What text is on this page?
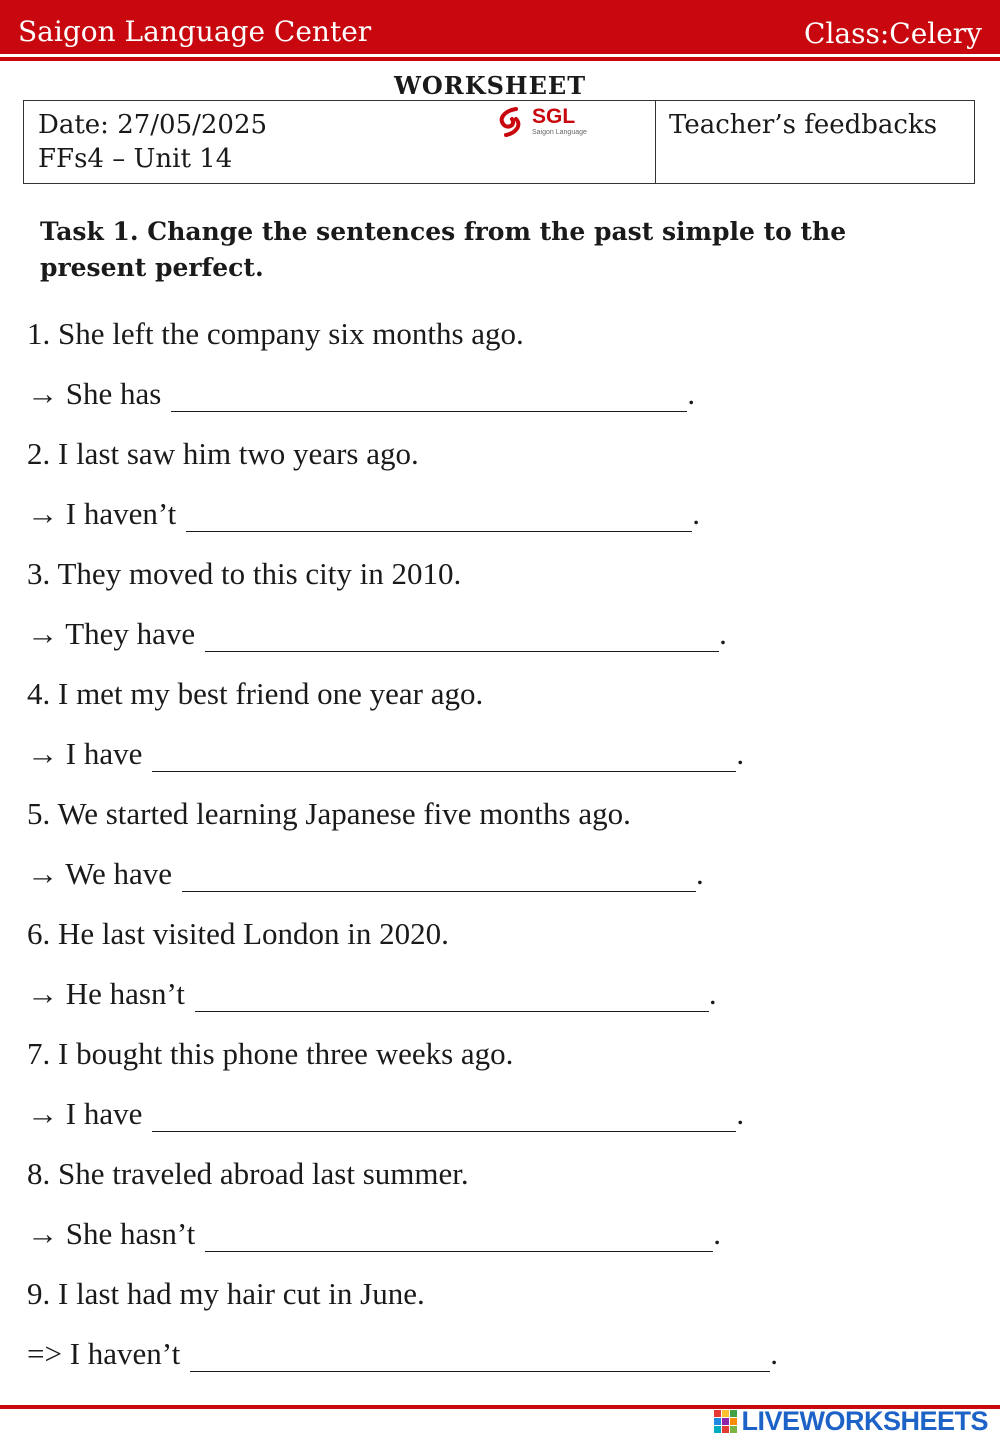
Saigon Language Center	Class:Celery
WORKSHEET
Date: 27/05/2025
FFs4 – Unit 14
SGL
Saigon Language	Teacher’s feedbacks
Task 1. Change the sentences from the past simple to the present perfect.
1. She left the company six months ago.
→ She has	.
2. I last saw him two years ago.
→ I haven’t	.
3. They moved to this city in 2010.
→ They have	.
4. I met my best friend one year ago.
→ I have	.
5. We started learning Japanese five months ago.
→ We have	.
6. He last visited London in 2020.
→ He hasn’t	.
7. I bought this phone three weeks ago.
→ I have	.
8. She traveled abroad last summer.
→ She hasn’t	.
9. I last had my hair cut in June.
=> I haven’t	.
LIVEWORKSHEETS
